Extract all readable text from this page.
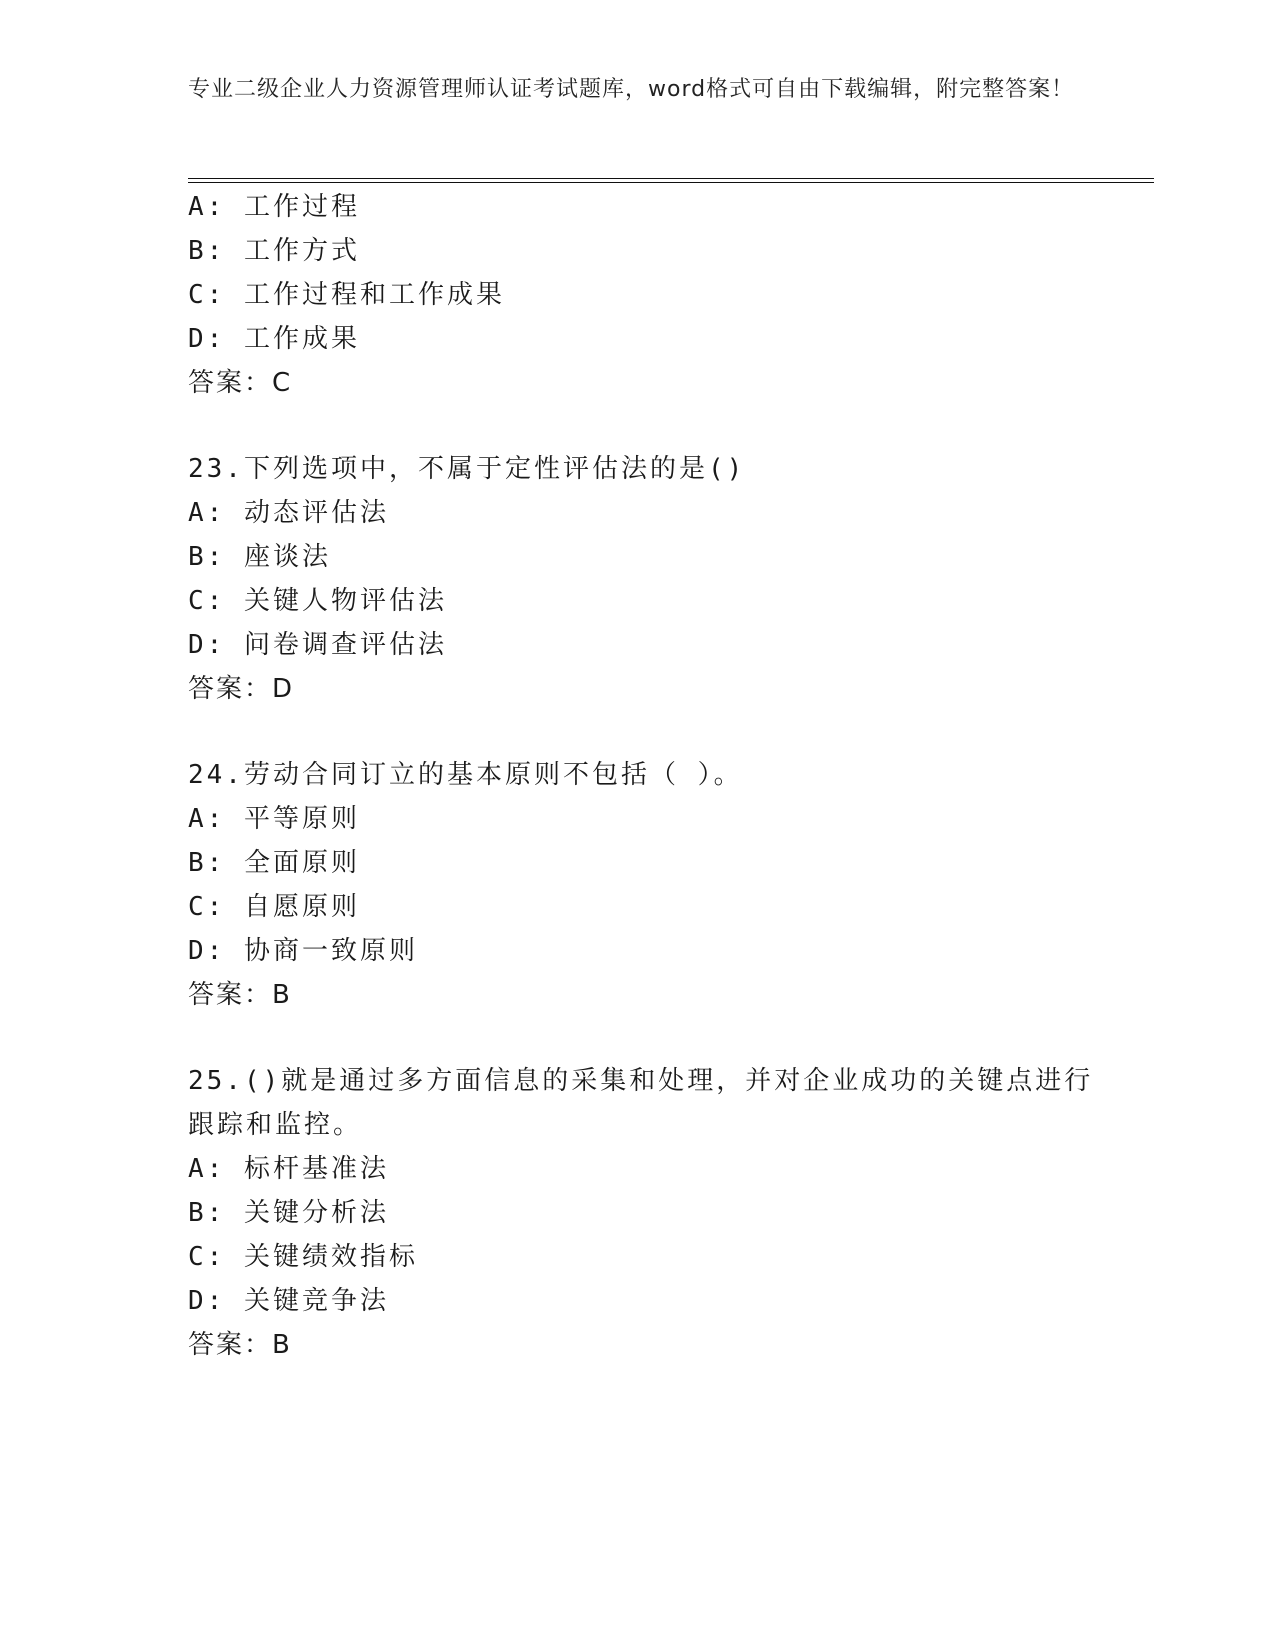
专业二级企业人力资源管理师认证考试题库，word格式可自由下载编辑，附完整答案！
A: 工作过程
B: 工作方式
C: 工作过程和工作成果
D: 工作成果
答案：C
23.下列选项中，不属于定性评估法的是()
A: 动态评估法
B: 座谈法
C: 关键人物评估法
D: 问卷调查评估法
答案：D
24.劳动合同订立的基本原则不包括（ ）。
A: 平等原则
B: 全面原则
C: 自愿原则
D: 协商一致原则
答案：B
25.()就是通过多方面信息的采集和处理，并对企业成功的关键点进行
跟踪和监控。
A: 标杆基准法
B: 关键分析法
C: 关键绩效指标
D: 关键竞争法
答案：B
